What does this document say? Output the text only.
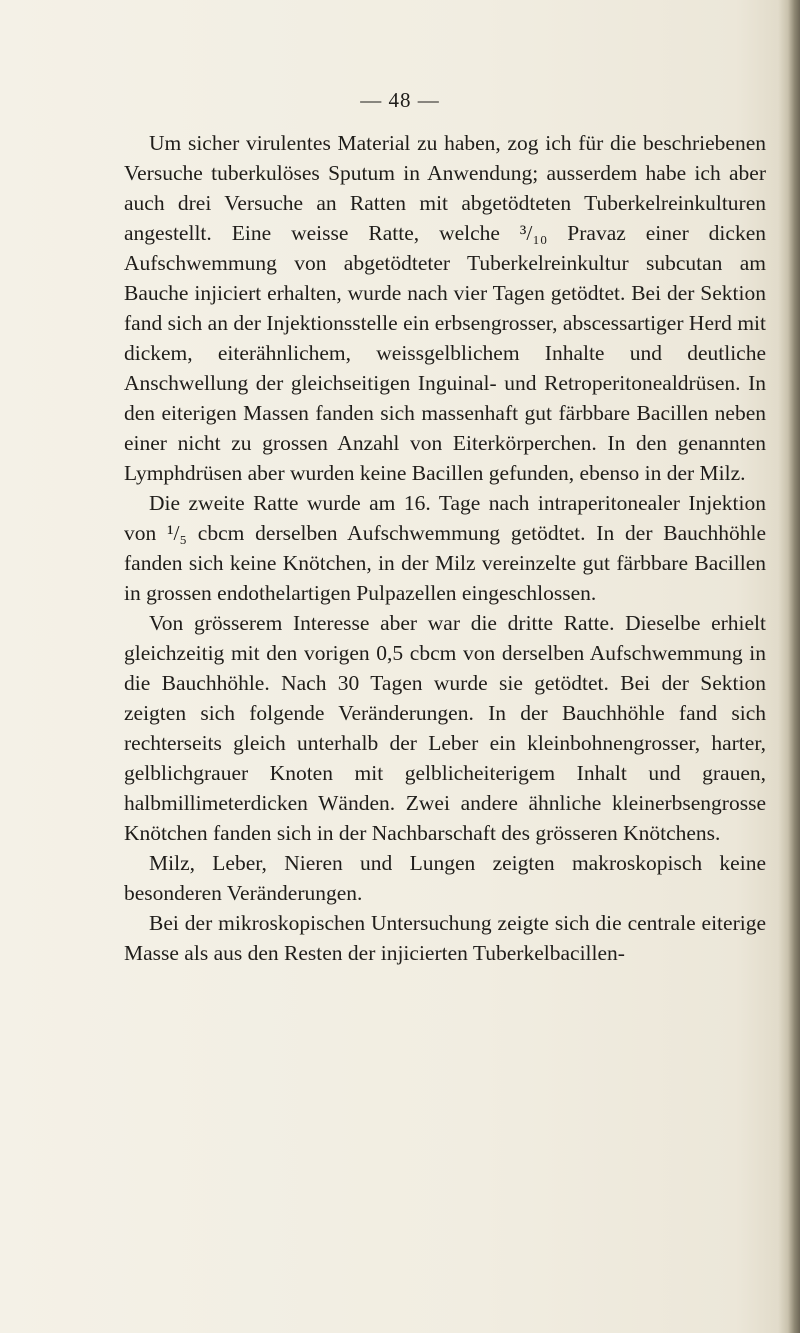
— 48 —

Um sicher virulentes Material zu haben, zog ich für die beschriebenen Versuche tuberkulöses Sputum in Anwendung; ausserdem habe ich aber auch drei Versuche an Ratten mit abgetödteten Tuberkelreinkulturen angestellt. Eine weisse Ratte, welche ³/₁₀ Pravaz einer dicken Aufschwemmung von abgetödteter Tuberkelreinkultur subcutan am Bauche injiciert erhalten, wurde nach vier Tagen getödtet. Bei der Sektion fand sich an der Injektionsstelle ein erbsengrosser, abscessartiger Herd mit dickem, eiterähnlichem, weissgelblichem Inhalte und deutliche Anschwellung der gleichseitigen Inguinal- und Retroperitonealdrüsen. In den eiterigen Massen fanden sich massenhaft gut färbbare Bacillen neben einer nicht zu grossen Anzahl von Eiterkörperchen. In den genannten Lymphdrüsen aber wurden keine Bacillen gefunden, ebenso in der Milz.

Die zweite Ratte wurde am 16. Tage nach intraperitonealer Injektion von ¹/₅ cbcm derselben Aufschwemmung getödtet. In der Bauchhöhle fanden sich keine Knötchen, in der Milz vereinzelte gut färbbare Bacillen in grossen endothelartigen Pulpazellen eingeschlossen.

Von grösserem Interesse aber war die dritte Ratte. Dieselbe erhielt gleichzeitig mit den vorigen 0,5 cbcm von derselben Aufschwemmung in die Bauchhöhle. Nach 30 Tagen wurde sie getödtet. Bei der Sektion zeigten sich folgende Veränderungen. In der Bauchhöhle fand sich rechterseits gleich unterhalb der Leber ein kleinbohnengrosser, harter, gelblichgrauer Knoten mit gelblicheiterigem Inhalt und grauen, halbmillimeterdicken Wänden. Zwei andere ähnliche kleinerbsengrosse Knötchen fanden sich in der Nachbarschaft des grösseren Knötchens.

Milz, Leber, Nieren und Lungen zeigten makroskopisch keine besonderen Veränderungen.

Bei der mikroskopischen Untersuchung zeigte sich die centrale eiterige Masse als aus den Resten der injicierten Tuberkelbacillen-
